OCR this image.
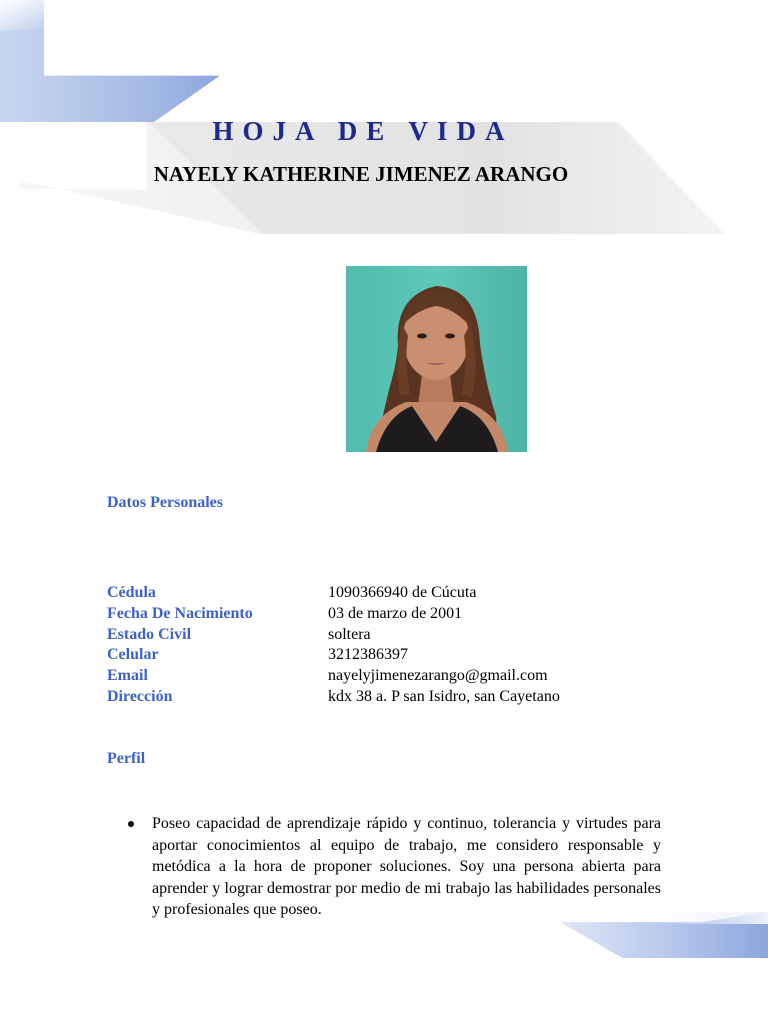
HOJA DE VIDA
NAYELY KATHERINE JIMENEZ ARANGO
Datos Personales
Cédula	1090366940 de Cúcuta
Fecha De Nacimiento	03 de marzo de 2001
Estado Civil	soltera
Celular	3212386397
Email	nayelyjimenezarango@gmail.com
Dirección	kdx 38 a. P san Isidro, san Cayetano
Perfil
Poseo capacidad de aprendizaje rápido y continuo, tolerancia y virtudes para aportar conocimientos al equipo de trabajo, me considero responsable y metódica a la hora de proponer soluciones. Soy una persona abierta para aprender y lograr demostrar por medio de mi trabajo las habilidades personales y profesionales que poseo.
